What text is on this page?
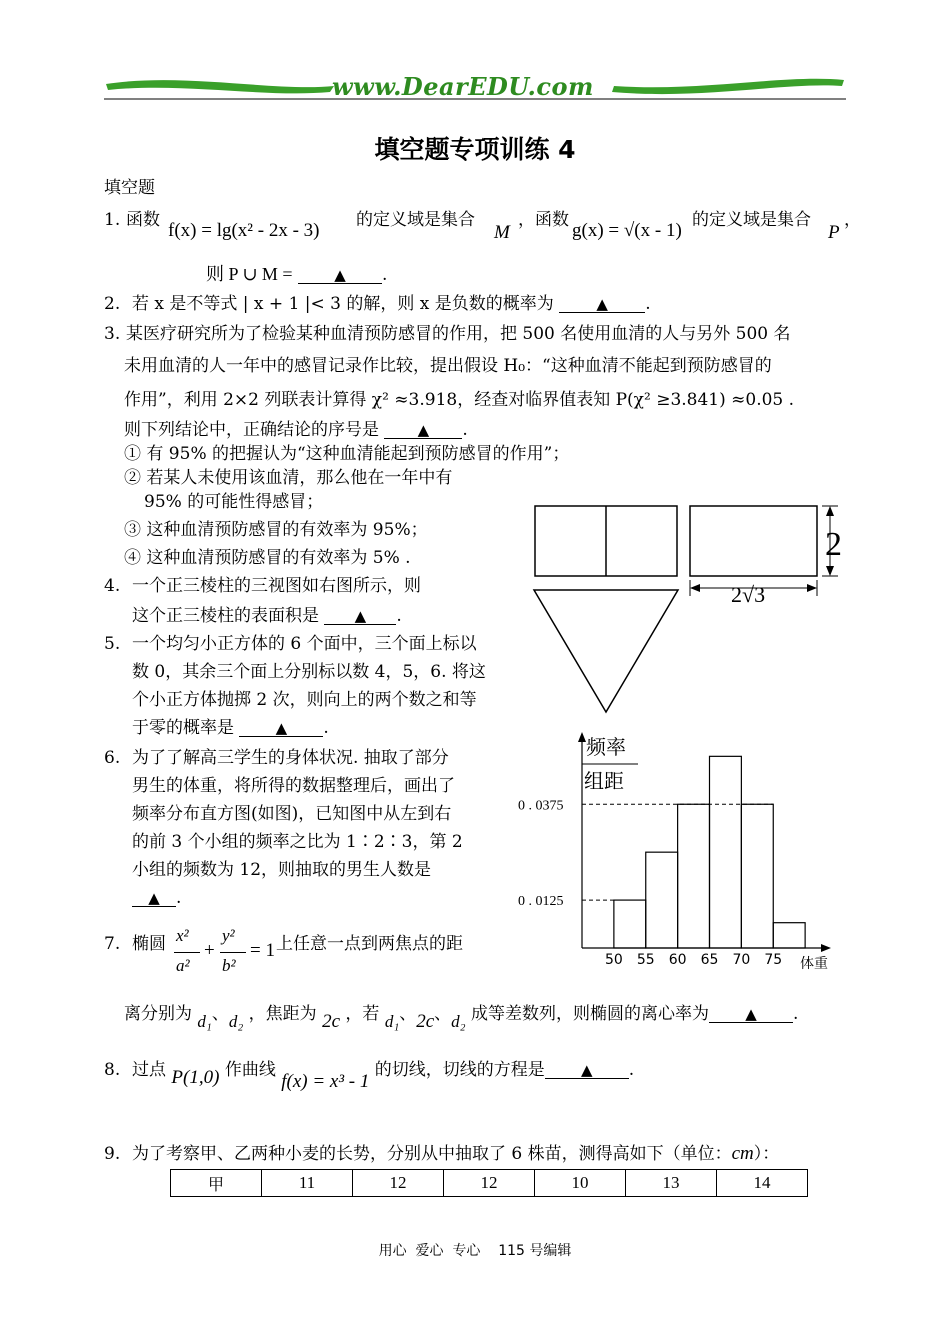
www.DearEDU.com
填空题专项训练 4
填空题
1. 函数 f(x) = lg(x² - 2x - 3) 的定义域是集合
M
，函数 g(x) = √(x - 1) 的定义域是集合
P
，
则 P ∪ M =	▲ .
2. 若 x 是不等式 | x + 1 |< 3 的解，则 x 是负数的概率为	▲ .
3. 某医疗研究所为了检验某种血清预防感冒的作用，把 500 名使用血清的人与另外 500 名
未用血清的人一年中的感冒记录作比较，提出假设 H₀：“这种血清不能起到预防感冒的
作用”，利用 2×2 列联表计算得 χ² ≈3.918，经查对临界值表知 P(χ² ≥3.841) ≈0.05 .
则下列结论中，正确结论的序号是	▲ .
① 有 95% 的把握认为“这种血清能起到预防感冒的作用”；
② 若某人未使用该血清，那么他在一年中有
95% 的可能性得感冒；
③ 这种血清预防感冒的有效率为 95%；
④ 这种血清预防感冒的有效率为 5% .
4. 一个正三棱柱的三视图如右图所示，则
这个正三棱柱的表面积是 ▲ .
5. 一个均匀小正方体的 6 个面中，三个面上标以
数 0，其余三个面上分别标以数 4，5，6. 将这
个小正方体抛掷 2 次，则向上的两个数之和等
于零的概率是	▲ .
6. 为了了解高三学生的身体状况. 抽取了部分
男生的体重，将所得的数据整理后，画出了
频率分布直方图(如图)，已知图中从左到右
的前 3 个小组的频率之比为 1∶2∶3，第 2
小组的频数为 12，则抽取的男生人数是
▲ .
7. 椭圆 x²
a²
+
y²
b²
= 1 上任意一点到两焦点的距
离分别为 d₁、d₂ ，焦距为 2c ，若 d₁、2c、d₂ 成等差数列，则椭圆的离心率为 ▲ .
8. 过点 P(1,0) 作曲线 f(x) = x³ - 1 的切线，切线的方程是 ▲ .
9. 为了考察甲、乙两种小麦的长势，分别从中抽取了 6 株苗，测得高如下（单位：cm）：
甲	11	12	12	10	13	14
2
2√3
频率
组距
体重
0 . 0125
0 . 0375
50 55 60 65 70 75
用心  爱心  专心    115 号编辑
